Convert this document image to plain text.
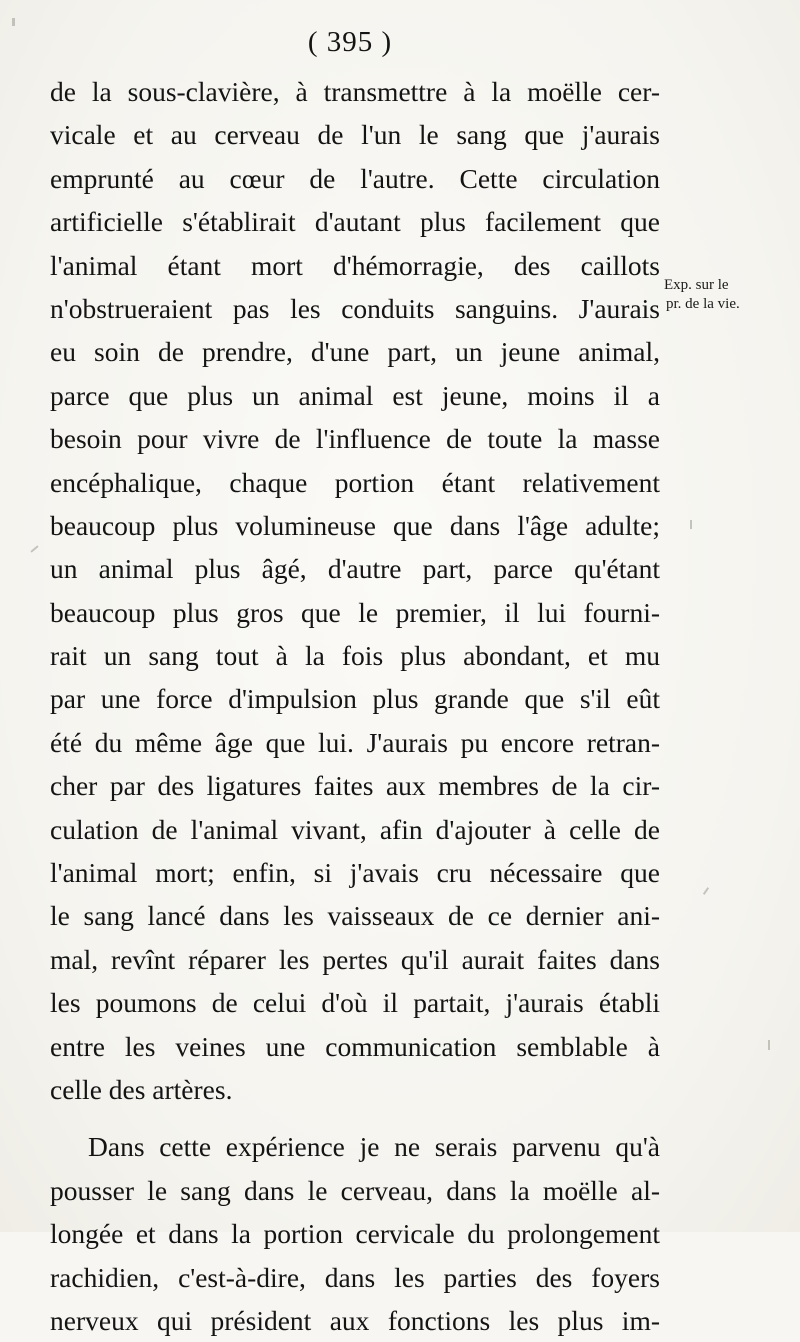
( 395 )
Exp. sur le
pr. de la vie.
de la sous-clavière, à transmettre à la moëlle cer-
vicale et au cerveau de l'un le sang que j'aurais
emprunté au cœur de l'autre. Cette circulation
artificielle s'établirait d'autant plus facilement que
l'animal étant mort d'hémorragie, des caillots
n'obstrueraient pas les conduits sanguins. J'aurais
eu soin de prendre, d'une part, un jeune animal,
parce que plus un animal est jeune, moins il a
besoin pour vivre de l'influence de toute la masse
encéphalique, chaque portion étant relativement
beaucoup plus volumineuse que dans l'âge adulte;
un animal plus âgé, d'autre part, parce qu'étant
beaucoup plus gros que le premier, il lui fourni-
rait un sang tout à la fois plus abondant, et mu
par une force d'impulsion plus grande que s'il eût
été du même âge que lui. J'aurais pu encore retran-
cher par des ligatures faites aux membres de la cir-
culation de l'animal vivant, afin d'ajouter à celle de
l'animal mort; enfin, si j'avais cru nécessaire que
le sang lancé dans les vaisseaux de ce dernier ani-
mal, revînt réparer les pertes qu'il aurait faites dans
les poumons de celui d'où il partait, j'aurais établi
entre les veines une communication semblable à
celle des artères.
Dans cette expérience je ne serais parvenu qu'à
pousser le sang dans le cerveau, dans la moëlle al-
longée et dans la portion cervicale du prolongement
rachidien, c'est-à-dire, dans les parties des foyers
nerveux qui président aux fonctions les plus im-
